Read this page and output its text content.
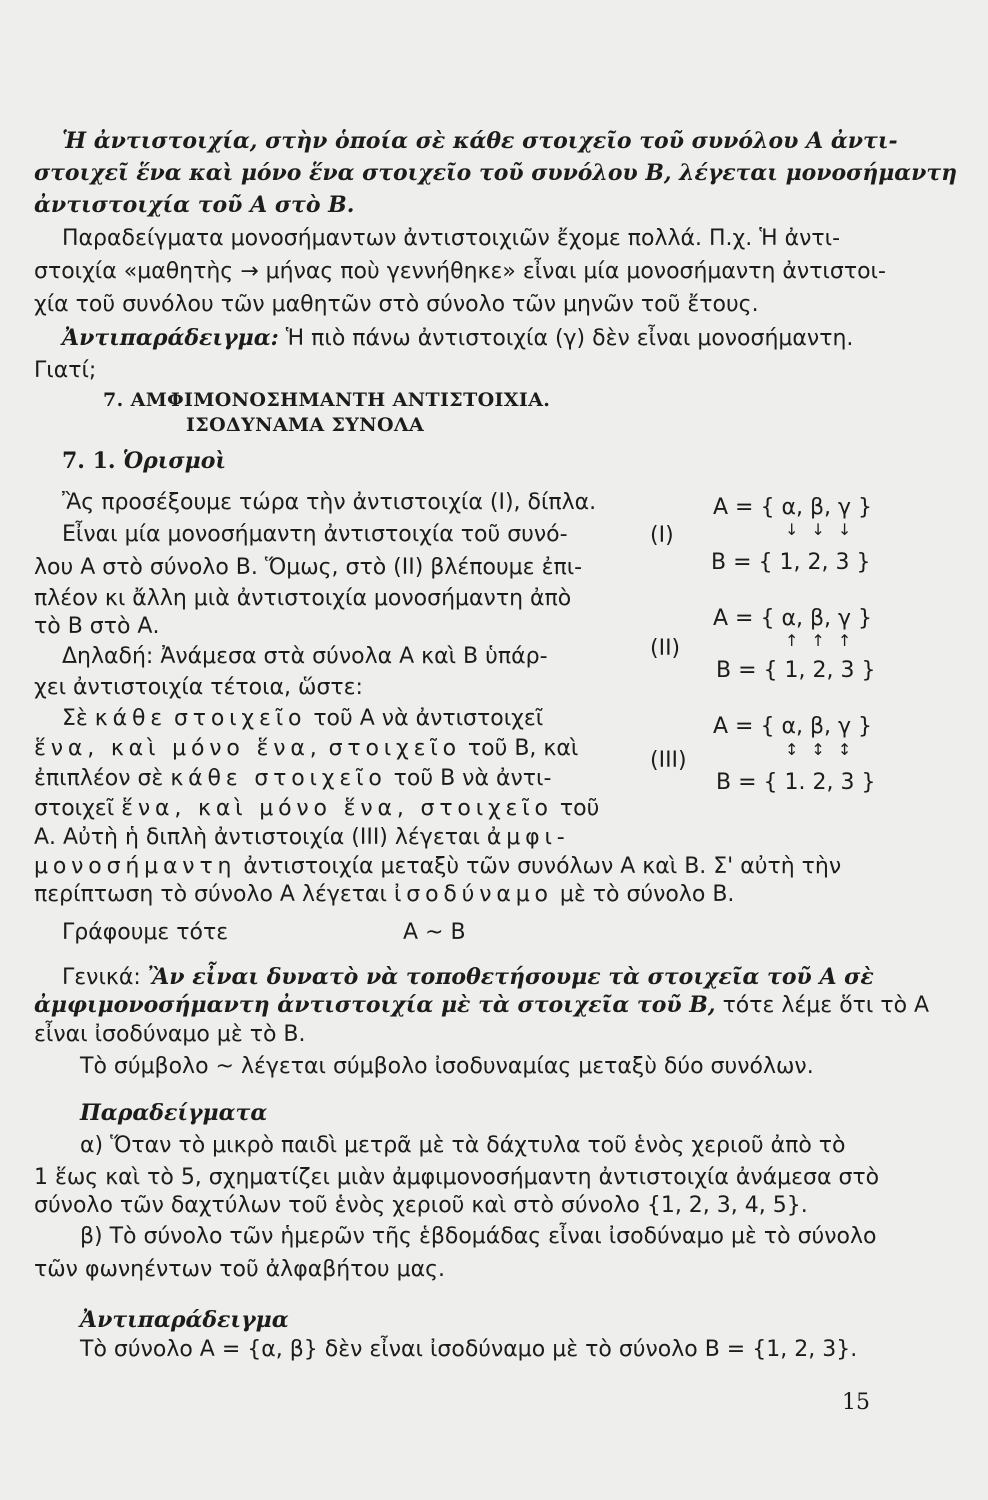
Ἡ ἀντιστοιχία, στὴν ὁποία σὲ κάθε στοιχεῖο τοῦ συνόλου Α ἀντι-
στοιχεῖ ἕνα καὶ μόνο ἕνα στοιχεῖο τοῦ συνόλου Β, λέγεται μονοσήμαντη
ἀντιστοιχία τοῦ Α στὸ Β.
Παραδείγματα μονοσήμαντων ἀντιστοιχιῶν ἔχομε πολλά. Π.χ. Ἡ ἀντι-
στοιχία «μαθητὴς → μήνας ποὺ γεννήθηκε» εἶναι μία μονοσήμαντη ἀντιστοι-
χία τοῦ συνόλου τῶν μαθητῶν στὸ σύνολο τῶν μηνῶν τοῦ ἔτους.
Ἀντιπαράδειγμα: Ἡ πιὸ πάνω ἀντιστοιχία (γ) δὲν εἶναι μονοσήμαντη.
Γιατί;
7. ΑΜΦΙΜΟΝΟΣΗΜΑΝΤΗ ΑΝΤΙΣΤΟΙΧΙΑ.
ΙΣΟΔΥΝΑΜΑ ΣΥΝΟΛΑ
7. 1. Ὁρισμοὶ
Ἂς προσέξουμε τώρα τὴν ἀντιστοιχία (Ι), δίπλα.
Εἶναι μία μονοσήμαντη ἀντιστοιχία τοῦ συνό-
λου Α στὸ σύνολο Β. Ὅμως, στὸ (ΙΙ) βλέπουμε ἐπι-
πλέον κι ἄλλη μιὰ ἀντιστοιχία μονοσήμαντη ἀπὸ
τὸ Β στὸ Α.
Δηλαδή: Ἀνάμεσα στὰ σύνολα Α καὶ Β ὑπάρ-
χει ἀντιστοιχία τέτοια, ὥστε:
Σὲ κάθε στοιχεῖο τοῦ Α νὰ ἀντιστοιχεῖ
ἕνα, καὶ μόνο ἕνα, στοιχεῖο τοῦ Β, καὶ
ἐπιπλέον σὲ κάθε στοιχεῖο τοῦ Β νὰ ἀντι-
στοιχεῖ ἕνα, καὶ μόνο ἕνα, στοιχεῖο τοῦ
Α. Αὐτὴ ἡ διπλὴ ἀντιστοιχία (ΙΙΙ) λέγεται ἀμφι-
μονοσήμαντη ἀντιστοιχία μεταξὺ τῶν συνόλων Α καὶ Β. Σ' αὐτὴ τὴν
περίπτωση τὸ σύνολο Α λέγεται ἰσοδύναμο μὲ τὸ σύνολο Β.
(Ι)
A = { α, β, γ }
↓↓↓
B = { 1, 2, 3 }
(ΙΙ)
A = { α, β, γ }
↑↑↑
B = { 1, 2, 3 }
(ΙΙΙ)
A = { α, β, γ }
↕↕↕
B = { 1. 2, 3 }
Γράφουμε τότε	Α ~ Β
Γενικά: Ἂν εἶναι δυνατὸ νὰ τοποθετήσουμε τὰ στοιχεῖα τοῦ Α σὲ
ἀμφιμονοσήμαντη ἀντιστοιχία μὲ τὰ στοιχεῖα τοῦ Β, τότε λέμε ὅτι τὸ Α
εἶναι ἰσοδύναμο μὲ τὸ Β.
Τὸ σύμβολο ~ λέγεται σύμβολο ἰσοδυναμίας μεταξὺ δύο συνόλων.
Παραδείγματα
α) Ὅταν τὸ μικρὸ παιδὶ μετρᾶ μὲ τὰ δάχτυλα τοῦ ἑνὸς χεριοῦ ἀπὸ τὸ
1 ἕως καὶ τὸ 5, σχηματίζει μιὰν ἀμφιμονοσήμαντη ἀντιστοιχία ἀνάμεσα στὸ
σύνολο τῶν δαχτύλων τοῦ ἑνὸς χεριοῦ καὶ στὸ σύνολο {1, 2, 3, 4, 5}.
β) Τὸ σύνολο τῶν ἡμερῶν τῆς ἑβδομάδας εἶναι ἰσοδύναμο μὲ τὸ σύνολο
τῶν φωνηέντων τοῦ ἀλφαβήτου μας.
Ἀντιπαράδειγμα
Τὸ σύνολο Α = {α, β} δὲν εἶναι ἰσοδύναμο μὲ τὸ σύνολο Β = {1, 2, 3}.
15
